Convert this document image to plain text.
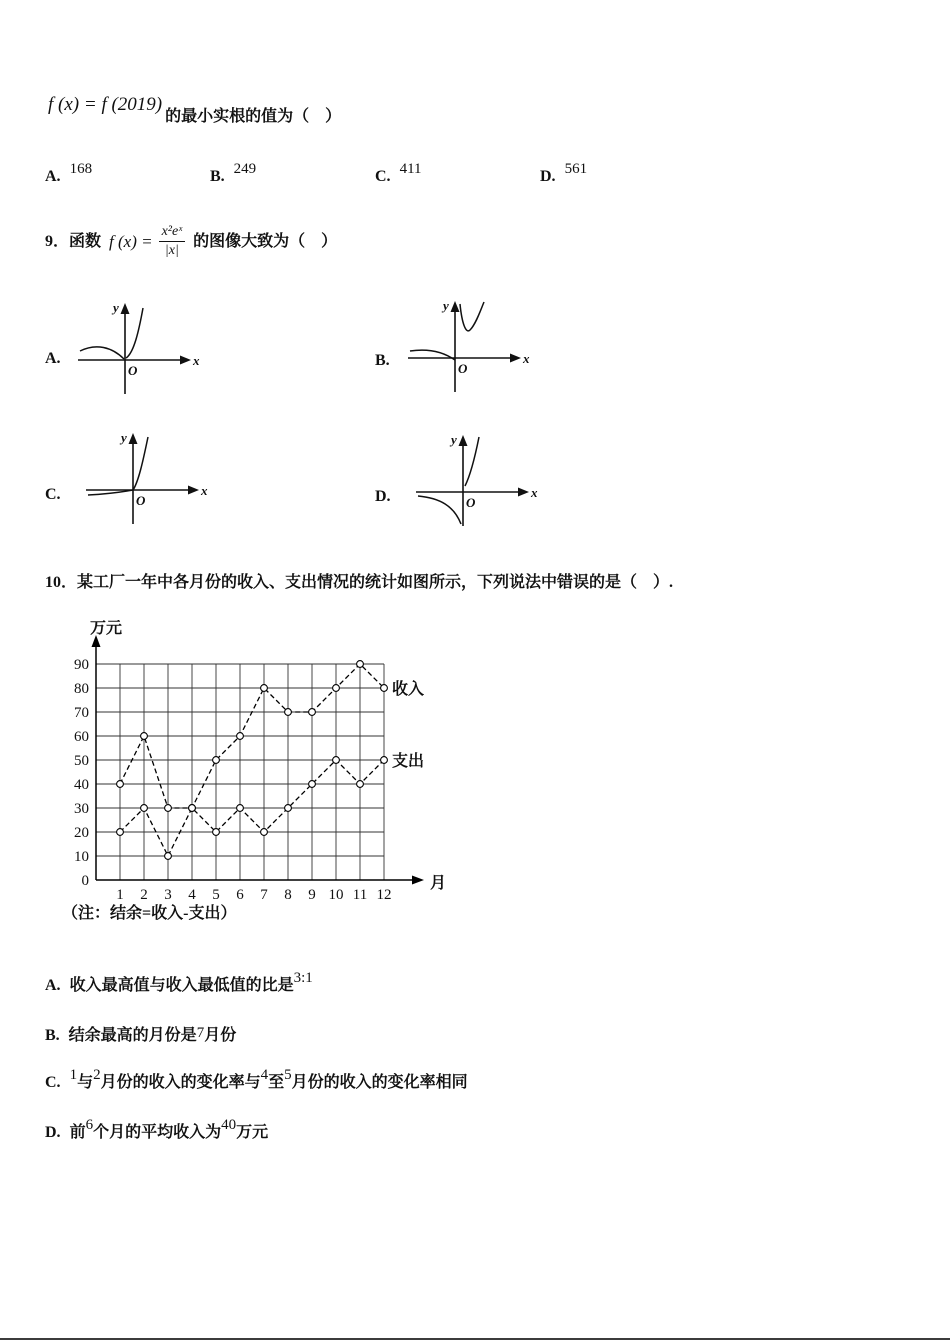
f (x) = f (2019)
的最小实根的值为（　）
A. 168	B. 249	C. 411	D. 561
9．函数 f $(x) = \frac{\text{x²eˣ}}{|x|}$ 的图像大致为（　）
A.	B.
C.	D.
y
x
O
y
x
O
y
x
O
y
x
O
10．某工厂一年中各月份的收入、支出情况的统计如图所示，下列说法中错误的是（　）.
万元
月
90
80
70
60
50
40
30
20
10
0
1 2 3 4 5 6 7 8 9 10 11 12
收入
支出
（注：结余=收入-支出）
A. 收入最高值与收入最低值的比是3:1
B. 结余最高的月份是7月份
C. 1与2月份的收入的变化率与4至5月份的收入的变化率相同
D. 前6个月的平均收入为40万元
